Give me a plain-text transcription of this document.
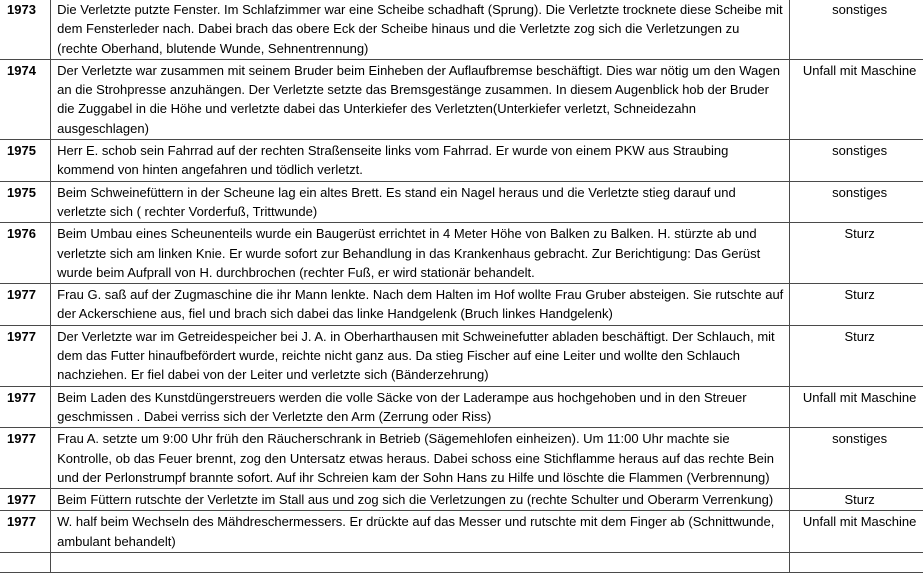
1973	Die Verletzte putzte Fenster. Im Schlafzimmer war eine Scheibe schadhaft (Sprung). Die Verletzte trocknete diese Scheibe mit dem Fensterleder nach. Dabei brach das obere Eck der Scheibe hinaus und die Verletzte zog sich die Verletzungen zu (rechte Oberhand, blutende Wunde, Sehnentrennung)	sonstiges
1974	Der Verletzte war zusammen mit seinem Bruder beim Einheben der Auflaufbremse beschäftigt. Dies war nötig um den Wagen an die Strohpresse anzuhängen. Der Verletzte setzte das Bremsgestänge zusammen. In diesem Augenblick hob der Bruder die Zuggabel in die Höhe und verletzte dabei das Unterkiefer des Verletzten(Unterkiefer verletzt, Schneidezahn ausgeschlagen)	Unfall mit Maschine
1975	Herr E. schob sein Fahrrad auf der rechten Straßenseite links vom Fahrrad. Er wurde von einem PKW aus Straubing kommend von hinten angefahren und tödlich verletzt.	sonstiges
1975	Beim Schweinefüttern in der Scheune lag ein altes Brett. Es stand ein Nagel heraus und die Verletzte stieg darauf und verletzte sich ( rechter Vorderfuß, Trittwunde)	sonstiges
1976	Beim Umbau eines Scheunenteils wurde ein Baugerüst errichtet in 4 Meter Höhe von Balken zu Balken. H. stürzte ab und verletzte sich am linken Knie. Er wurde sofort zur Behandlung in das Krankenhaus gebracht. Zur Berichtigung: Das Gerüst wurde beim Aufprall von H. durchbrochen (rechter Fuß, er wird stationär behandelt.	Sturz
1977	Frau G. saß auf der Zugmaschine die ihr Mann lenkte. Nach dem Halten im Hof wollte Frau Gruber absteigen. Sie rutschte auf der Ackerschiene aus, fiel und brach sich dabei das linke Handgelenk (Bruch linkes Handgelenk)	Sturz
1977	Der Verletzte war im Getreidespeicher bei J. A. in Oberharthausen mit Schweinefutter abladen beschäftigt. Der Schlauch, mit dem das Futter hinaufbefördert wurde, reichte nicht ganz aus. Da stieg Fischer auf eine Leiter und wollte den Schlauch nachziehen. Er fiel dabei von der Leiter und verletzte sich (Bänderzehrung)	Sturz
1977	Beim Laden des Kunstdüngerstreuers werden die volle Säcke von der Laderampe aus hochgehoben und in den Streuer geschmissen . Dabei verriss sich der Verletzte den Arm (Zerrung oder Riss)	Unfall mit Maschine
1977	Frau A. setzte um 9:00 Uhr früh den Räucherschrank in Betrieb (Sägemehlofen einheizen). Um 11:00 Uhr machte sie Kontrolle, ob das Feuer brennt, zog den Untersatz etwas heraus. Dabei schoss eine Stichflamme heraus auf das rechte Bein und der Perlonstrumpf brannte sofort. Auf ihr Schreien kam der Sohn Hans zu Hilfe und löschte die Flammen (Verbrennung)	sonstiges
1977	Beim Füttern rutschte der Verletzte im Stall aus und zog sich die Verletzungen zu (rechte Schulter und Oberarm Verrenkung)	Sturz
1977	W. half beim Wechseln des Mähdreschermessers. Er drückte auf das Messer und rutschte mit dem Finger ab (Schnittwunde, ambulant behandelt)	Unfall mit Maschine
